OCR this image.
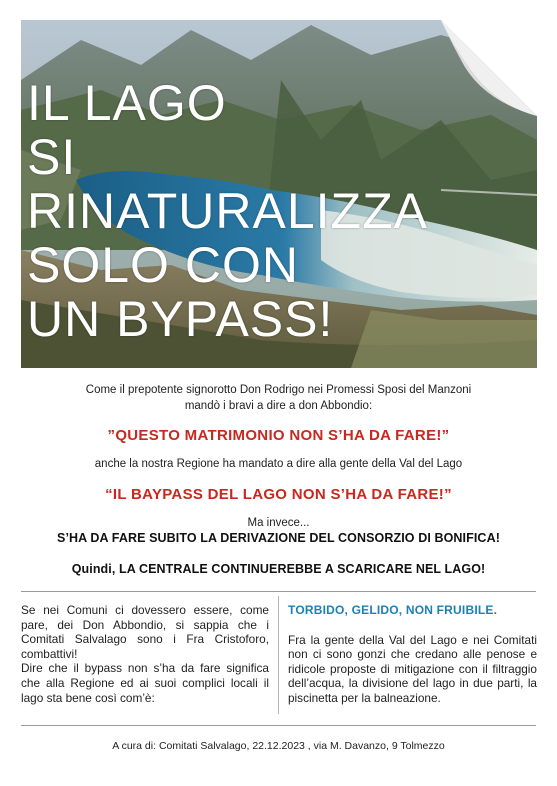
IL LAGO
SI
RINATURALIZZA
SOLO CON
UN BYPASS!
Come il prepotente signorotto Don Rodrigo nei Promessi Sposi del Manzoni
mandò i bravi a dire a don Abbondio:
”QUESTO MATRIMONIO NON S’HA DA FARE!”
anche la nostra Regione ha mandato a dire alla gente della Val del Lago
“IL BAYPASS DEL LAGO NON S’HA DA FARE!”
Ma invece...
S’HA DA FARE SUBITO LA DERIVAZIONE DEL CONSORZIO DI BONIFICA!
Quindi, LA CENTRALE CONTINUEREBBE A SCARICARE NEL LAGO!

Se nei Comuni ci dovessero essere, come pare, dei Don Abbondio, si sappia che i Comitati Salvalago sono i Fra Cristoforo, combattivi!

Dire che il bypass non s’ha da fare significa che alla Regione ed ai suoi complici locali il lago sta bene così com’è:

TORBIDO, GELIDO, NON FRUIBILE.

Fra la gente della Val del Lago e nei Comitati non ci sono gonzi che credano alle penose e ridicole proposte di mitigazione con il filtraggio dell’acqua, la divisione del lago in due parti, la piscinetta per la balneazione.

A cura di: Comitati Salvalago, 22.12.2023 , via M. Davanzo, 9 Tolmezzo
